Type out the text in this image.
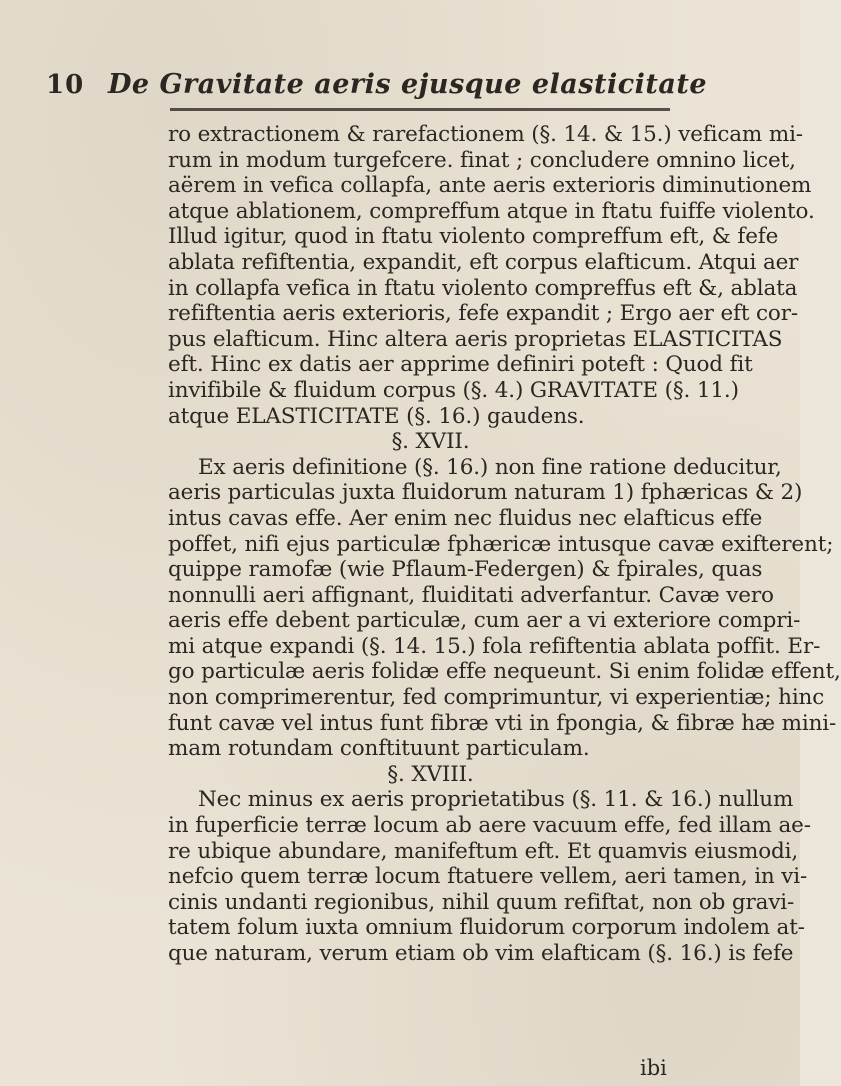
10 De Gravitate aeris ejusque elasticitate
ro extractionem & rarefactionem (§. 14. & 15.) veficam mi-
rum in modum turgefcere. finat ; concludere omnino licet,
aërem in vefica collapfa, ante aeris exterioris diminutionem
atque ablationem, compreffum atque in ftatu fuiffe violento.
Illud igitur, quod in ftatu violento compreffum eft, & fefe
ablata refiftentia, expandit, eft corpus elafticum. Atqui aer
in collapfa vefica in ftatu violento compreffus eft &, ablata
refiftentia aeris exterioris, fefe expandit ; Ergo aer eft cor-
pus elafticum. Hinc altera aeris proprietas ELASTICITAS
eft. Hinc ex datis aer apprime definiri poteft : Quod fit
invifibile & fluidum corpus (§. 4.) GRAVITATE (§. 11.)
atque ELASTICITATE (§. 16.) gaudens.
§. XVII.
Ex aeris definitione (§. 16.) non fine ratione deducitur,
aeris particulas juxta fluidorum naturam 1) fphæricas & 2)
intus cavas effe. Aer enim nec fluidus nec elafticus effe
poffet, nifi ejus particulæ fphæricæ intusque cavæ exifterent;
quippe ramofæ (wie Pflaum-Federgen) & fpirales, quas
nonnulli aeri affignant, fluiditati adverfantur. Cavæ vero
aeris effe debent particulæ, cum aer a vi exteriore compri-
mi atque expandi (§. 14. 15.) fola refiftentia ablata poffit. Er-
go particulæ aeris folidæ effe nequeunt. Si enim folidæ effent,
non comprimerentur, fed comprimuntur, vi experientiæ; hinc
funt cavæ vel intus funt fibræ vti in fpongia, & fibræ hæ mini-
mam rotundam conftituunt particulam.
§. XVIII.
Nec minus ex aeris proprietatibus (§. 11. & 16.) nullum
in fuperficie terræ locum ab aere vacuum effe, fed illam ae-
re ubique abundare, manifeftum eft. Et quamvis eiusmodi,
nefcio quem terræ locum ftatuere vellem, aeri tamen, in vi-
cinis undanti regionibus, nihil quum refiftat, non ob gravi-
tatem folum iuxta omnium fluidorum corporum indolem at-
que naturam, verum etiam ob vim elafticam (§. 16.) is fefe
ibi
